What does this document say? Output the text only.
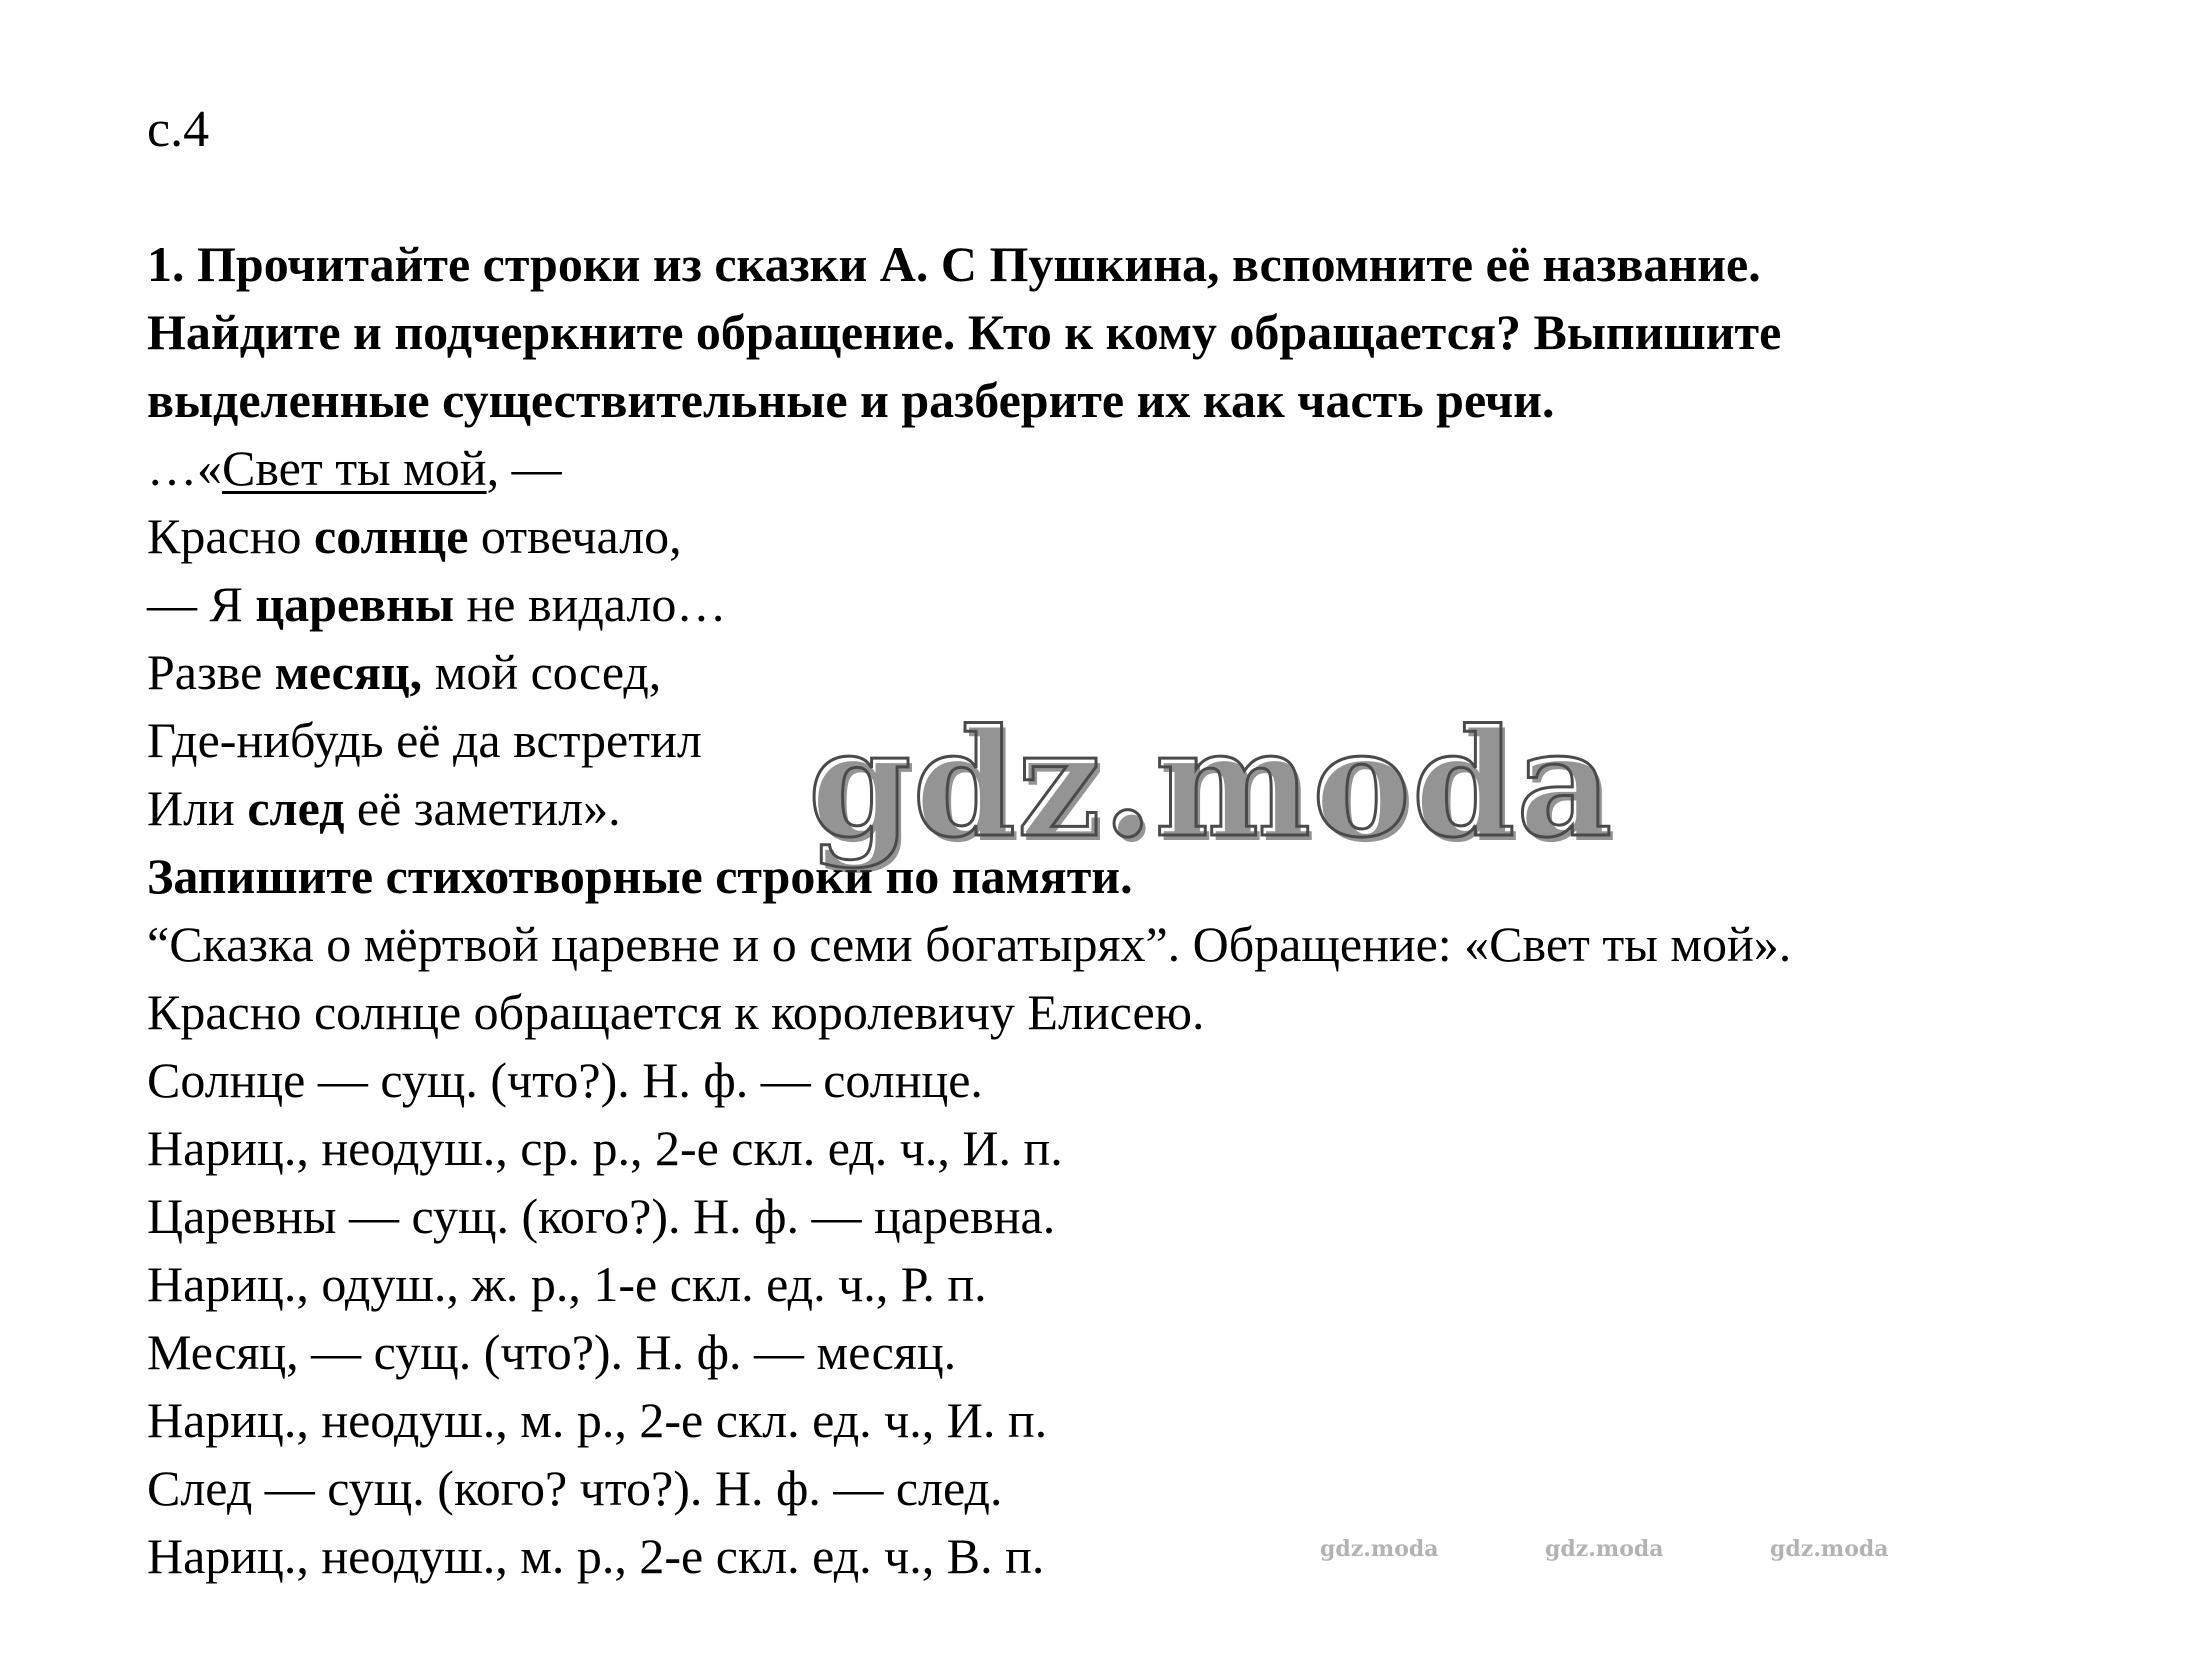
с.4
1. Прочитайте строки из сказки А. С Пушкина, вспомните её название.
Найдите и подчеркните обращение. Кто к кому обращается? Выпишите
выделенные существительные и разберите их как часть речи.
…«Свет ты мой, —
Красно солнце отвечало,
— Я царевны не видало…
Разве месяц, мой сосед,
Где-нибудь её да встретил
Или след её заметил».
Запишите стихотворные строки по памяти.
“Сказка о мёртвой царевне и о семи богатырях”. Обращение: «Свет ты мой».
Красно солнце обращается к королевичу Елисею.
Солнце — сущ. (что?). Н. ф. — солнце.
Нариц., неодуш., ср. р., 2-е скл. ед. ч., И. п.
Царевны — сущ. (кого?). Н. ф. — царевна.
Нариц., одуш., ж. р., 1-е скл. ед. ч., Р. п.
Месяц, — сущ. (что?). Н. ф. — месяц.
Нариц., неодуш., м. р., 2-е скл. ед. ч., И. п.
След — сущ. (кого? что?). Н. ф. — след.
Нариц., неодуш., м. р., 2-е скл. ед. ч., В. п.
gdz.moda
gdz.moda	gdz.moda	gdz.moda
